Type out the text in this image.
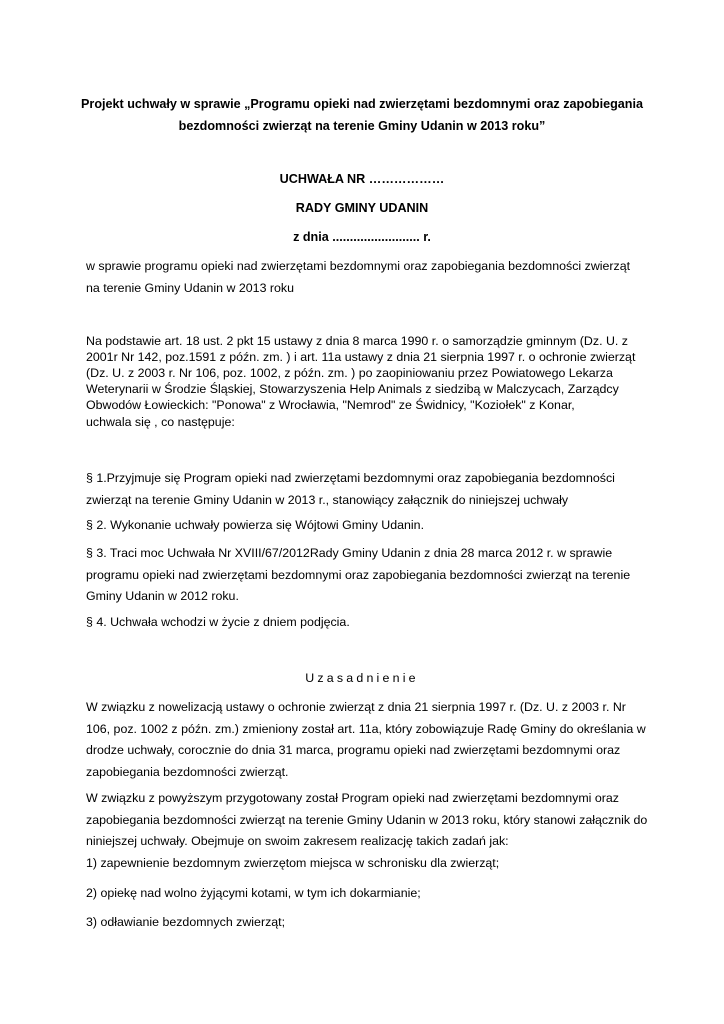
Projekt uchwały w sprawie „Programu opieki nad zwierzętami bezdomnymi oraz zapobiegania
bezdomności zwierząt na terenie Gminy Udanin w 2013 roku”
UCHWAŁA NR ………………
RADY GMINY UDANIN
z dnia ......................... r.
w sprawie programu opieki nad zwierzętami bezdomnymi oraz zapobiegania bezdomności zwierząt
na terenie Gminy Udanin w 2013 roku
Na podstawie art. 18 ust. 2 pkt 15 ustawy z dnia 8 marca 1990 r. o samorządzie gminnym (Dz. U. z
2001r Nr 142, poz.1591 z późn. zm. ) i art. 11a ustawy z dnia 21 sierpnia 1997 r. o ochronie zwierząt
(Dz. U. z 2003 r. Nr 106, poz. 1002, z późn. zm. ) po zaopiniowaniu przez Powiatowego Lekarza
Weterynarii w Środzie Śląskiej, Stowarzyszenia Help Animals z siedzibą w Malczycach, Zarządcy
Obwodów Łowieckich: "Ponowa" z Wrocławia, "Nemrod" ze Świdnicy, "Koziołek" z Konar,
uchwala się , co następuje:
§ 1.Przyjmuje się Program opieki nad zwierzętami bezdomnymi oraz zapobiegania bezdomności
zwierząt na terenie Gminy Udanin w 2013 r., stanowiący załącznik do niniejszej uchwały
§ 2. Wykonanie uchwały powierza się Wójtowi Gminy Udanin.
§ 3. Traci moc Uchwała Nr XVIII/67/2012Rady Gminy Udanin z dnia 28 marca 2012 r. w sprawie
programu opieki nad zwierzętami bezdomnymi oraz zapobiegania bezdomności zwierząt na terenie
Gminy Udanin w 2012 roku.
§ 4. Uchwała wchodzi w życie z dniem podjęcia.
Uzasadnienie
W związku z nowelizacją ustawy o ochronie zwierząt z dnia 21 sierpnia 1997 r. (Dz. U. z 2003 r. Nr
106, poz. 1002 z późn. zm.) zmieniony został art. 11a, który zobowiązuje Radę Gminy do określania w
drodze uchwały, corocznie do dnia 31 marca, programu opieki nad zwierzętami bezdomnymi oraz
zapobiegania bezdomności zwierząt.
W związku z powyższym przygotowany został Program opieki nad zwierzętami bezdomnymi oraz
zapobiegania bezdomności zwierząt na terenie Gminy Udanin w 2013 roku, który stanowi załącznik do
niniejszej uchwały. Obejmuje on swoim zakresem realizację takich zadań jak:
1) zapewnienie bezdomnym zwierzętom miejsca w schronisku dla zwierząt;
2) opiekę nad wolno żyjącymi kotami, w tym ich dokarmianie;
3) odławianie bezdomnych zwierząt;
